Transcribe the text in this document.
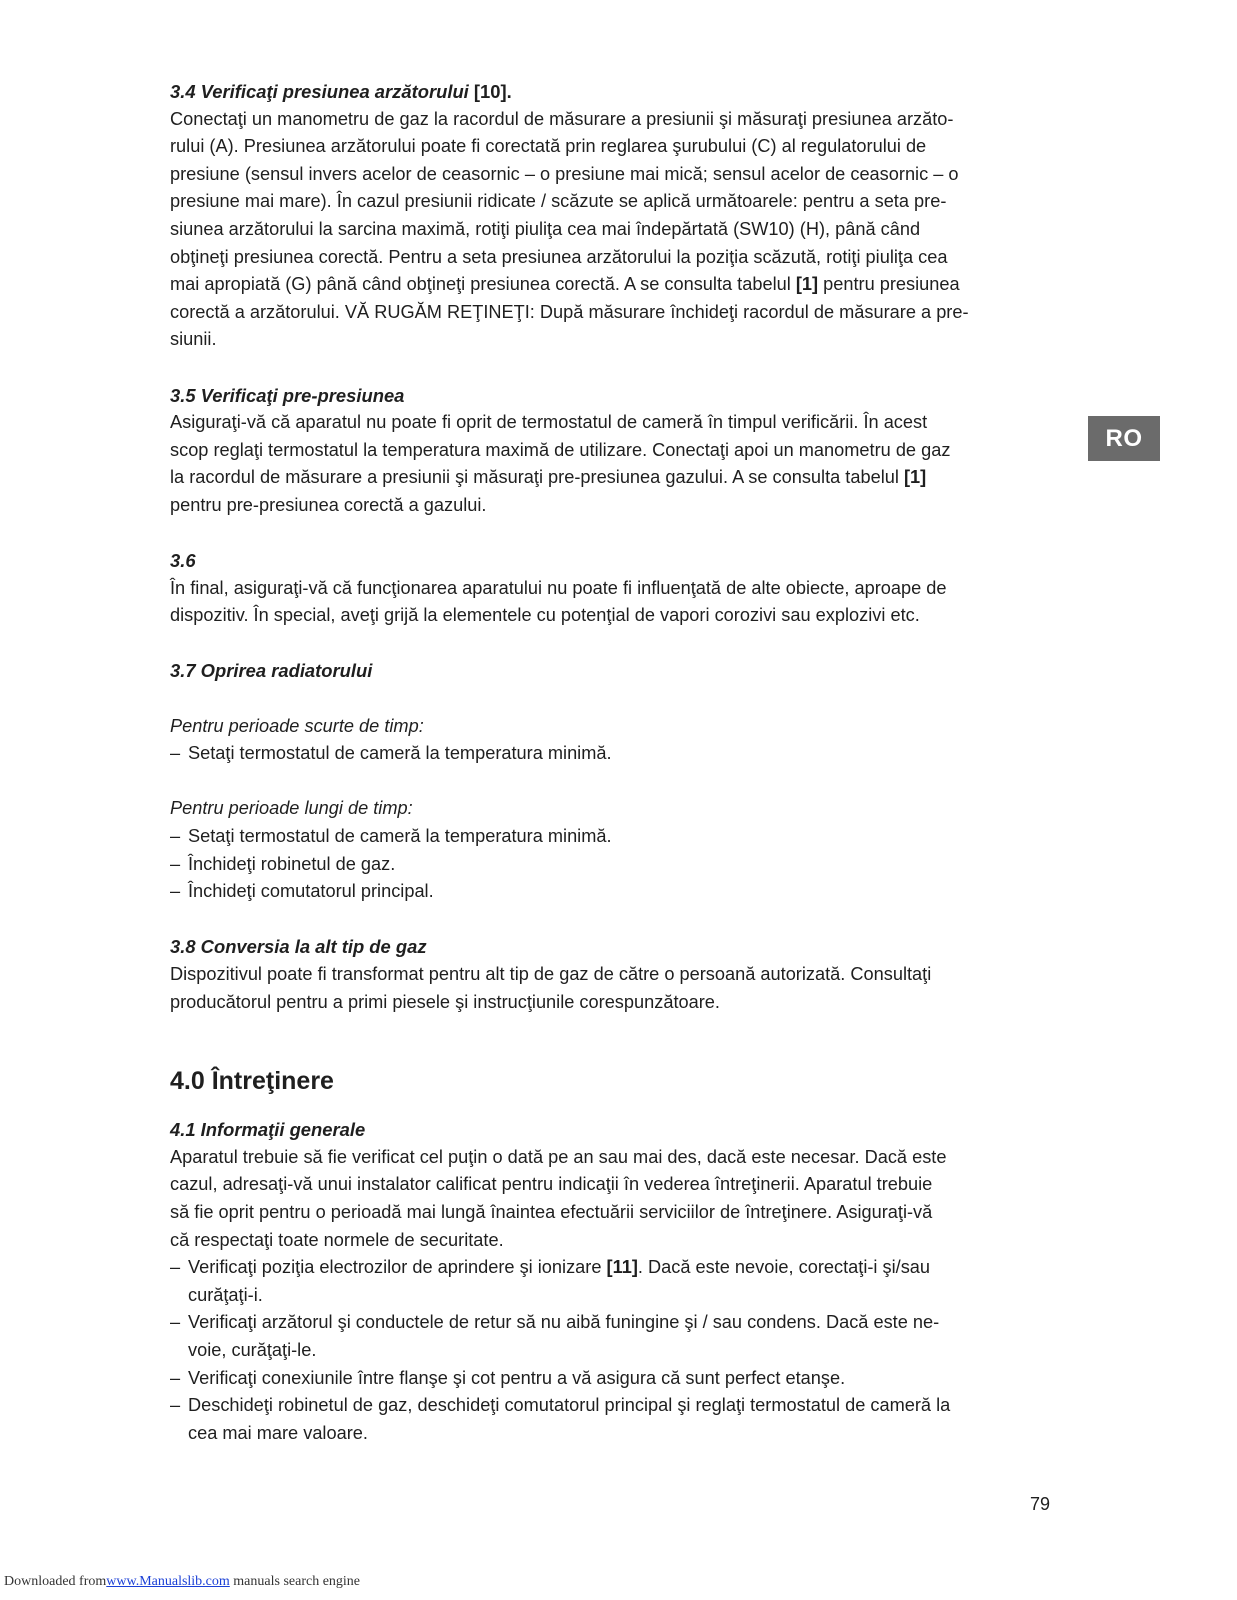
3.4 Verificaţi presiunea arzătorului [10].

Conectaţi un manometru de gaz la racordul de măsurare a presiunii şi măsuraţi presiunea arzăto-
rului (A). Presiunea arzătorului poate fi corectată prin reglarea şurubului (C) al regulatorului de
presiune (sensul invers acelor de ceasornic – o presiune mai mică; sensul acelor de ceasornic – o
presiune mai mare). În cazul presiunii ridicate / scăzute se aplică următoarele: pentru a seta pre-
siunea arzătorului la sarcina maximă, rotiţi piuliţa cea mai îndepărtată (SW10) (H), până când
obţineţi presiunea corectă. Pentru a seta presiunea arzătorului la poziţia scăzută, rotiţi piuliţa cea
mai apropiată (G) până când obţineţi presiunea corectă. A se consulta tabelul [1] pentru presiunea
corectă a arzătorului. VĂ RUGĂM REŢINEŢI: După măsurare închideţi racordul de măsurare a pre-
siunii.

3.5 Verificaţi pre-presiunea

Asiguraţi-vă că aparatul nu poate fi oprit de termostatul de cameră în timpul verificării. În acest
scop reglaţi termostatul la temperatura maximă de utilizare. Conectaţi apoi un manometru de gaz
la racordul de măsurare a presiunii şi măsuraţi pre-presiunea gazului. A se consulta tabelul [1]
pentru pre-presiunea corectă a gazului.

3.6

În final, asiguraţi-vă că funcţionarea aparatului nu poate fi influenţată de alte obiecte, aproape de
dispozitiv. În special, aveţi grijă la elementele cu potenţial de vapori corozivi sau explozivi etc.

3.7 Oprirea radiatorului

Pentru perioade scurte de timp:

– Setaţi termostatul de cameră la temperatura minimă.

Pentru perioade lungi de timp:

– Setaţi termostatul de cameră la temperatura minimă.
– Închideţi robinetul de gaz.
– Închideţi comutatorul principal.

3.8 Conversia la alt tip de gaz

Dispozitivul poate fi transformat pentru alt tip de gaz de către o persoană autorizată. Consultaţi
producătorul pentru a primi piesele şi instrucţiunile corespunzătoare.

4.0 Întreţinere

4.1 Informaţii generale

Aparatul trebuie să fie verificat cel puţin o dată pe an sau mai des, dacă este necesar. Dacă este
cazul, adresaţi-vă unui instalator calificat pentru indicaţii în vederea întreţinerii. Aparatul trebuie
să fie oprit pentru o perioadă mai lungă înaintea efectuării serviciilor de întreţinere. Asiguraţi-vă
că respectaţi toate normele de securitate.

– Verificaţi poziţia electrozilor de aprindere şi ionizare [11]. Dacă este nevoie, corectaţi-i şi/sau
curăţaţi-i.
– Verificaţi arzătorul şi conductele de retur să nu aibă funingine şi / sau condens. Dacă este ne-
voie, curăţaţi-le.
– Verificaţi conexiunile între flanşe şi cot pentru a vă asigura că sunt perfect etanşe.
– Deschideţi robinetul de gaz, deschideţi comutatorul principal şi reglaţi termostatul de cameră la
cea mai mare valoare.
RO
79
Downloaded fromwww.Manualslib.com manuals search engine
